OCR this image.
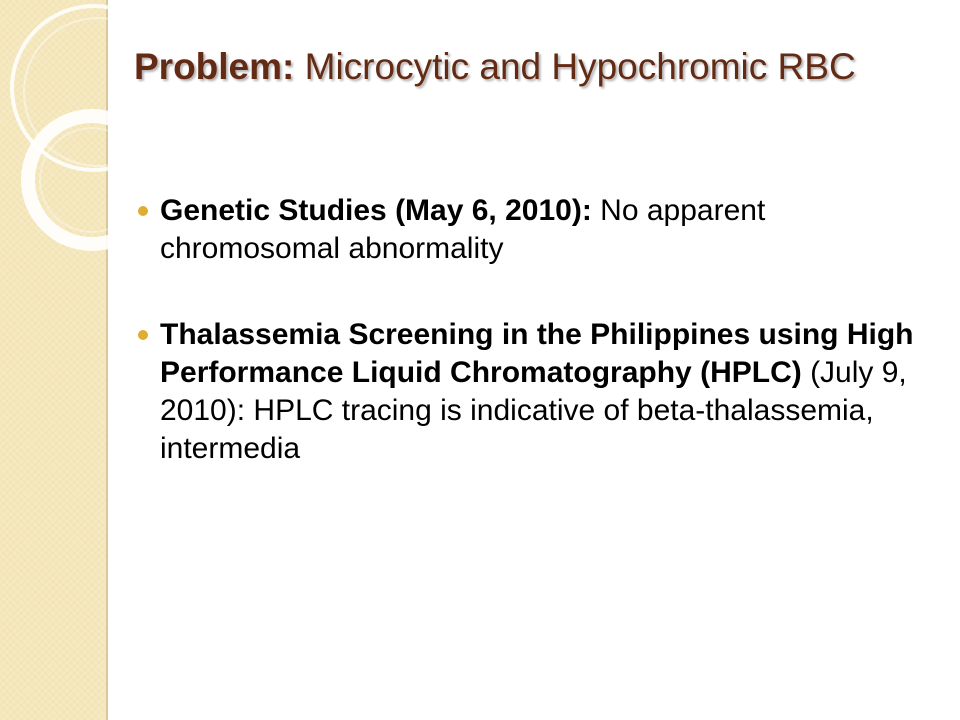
Problem: Microcytic and Hypochromic RBC
Genetic Studies (May 6, 2010): No apparent chromosomal abnormality
Thalassemia Screening in the Philippines using High Performance Liquid Chromatography (HPLC) (July 9, 2010): HPLC tracing is indicative of beta-thalassemia, intermedia
